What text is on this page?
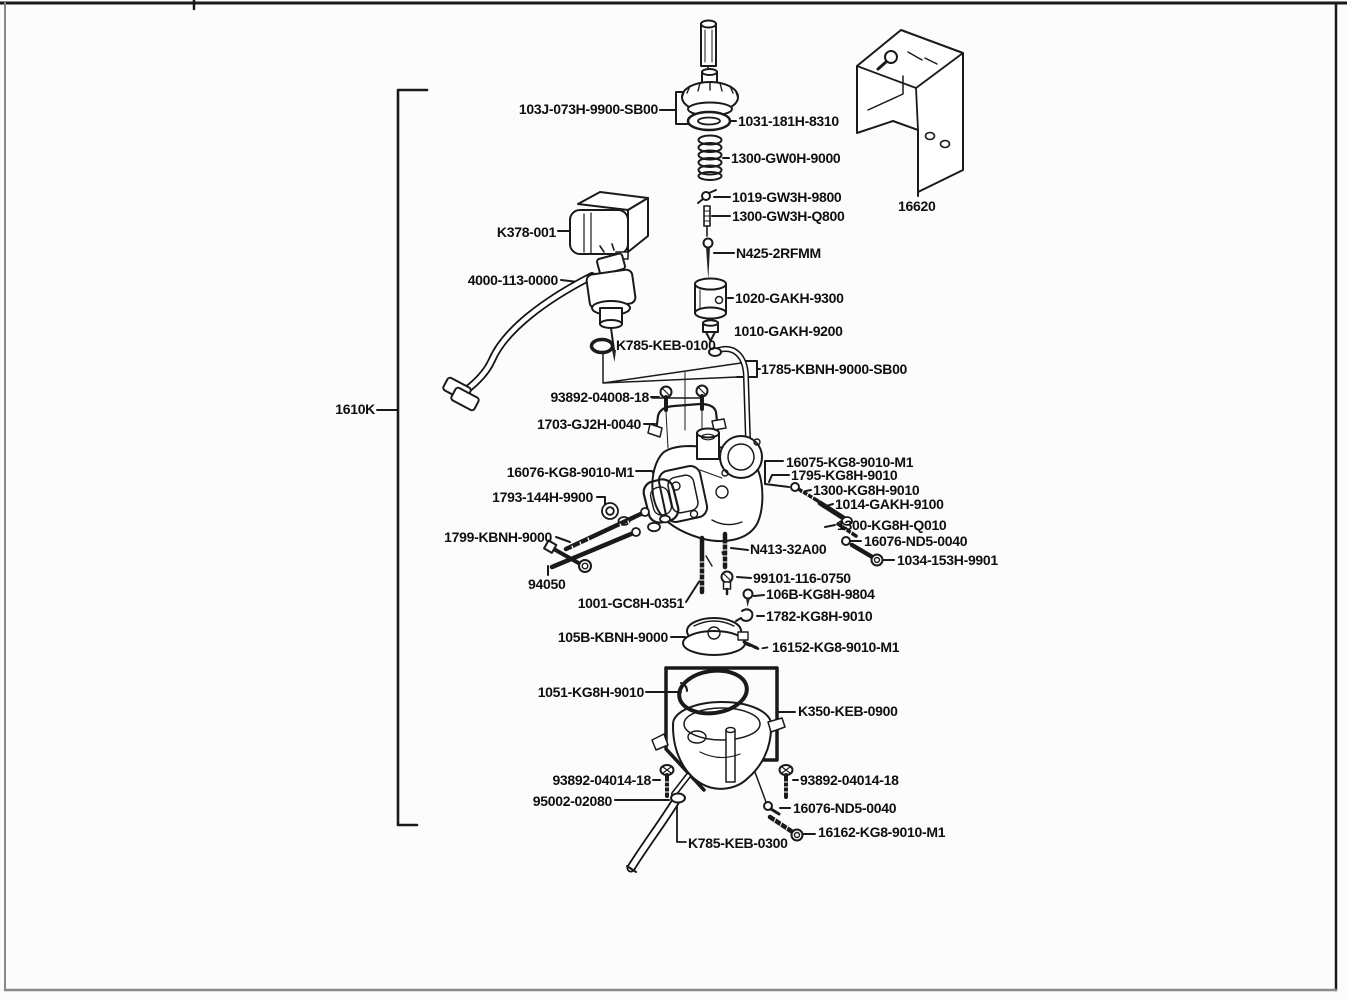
103J-073H-9900-SB00
1031-181H-8310
1300-GW0H-9000
1019-GW3H-9800
1300-GW3H-Q800
N425-2RFMM
1020-GAKH-9300
1010-GAKH-9200
16620
K378-001
4000-113-0000
K785-KEB-0100
1785-KBNH-9000-SB00
93892-04008-18
1703-GJ2H-0040
16076-KG8-9010-M1
1793-144H-9900
1799-KBNH-9000
94050
1001-GC8H-0351
105B-KBNH-9000
16075-KG8-9010-M1
1795-KG8H-9010
1300-KG8H-9010
1014-GAKH-9100
1300-KG8H-Q010
16076-ND5-0040
1034-153H-9901
N413-32A00
99101-116-0750
106B-KG8H-9804
1782-KG8H-9010
16152-KG8-9010-M1
1051-KG8H-9010
K350-KEB-0900
93892-04014-18	93892-04014-18
95002-02080	16076-ND5-0040
K785-KEB-0300
16162-KG8-9010-M1
1610K
